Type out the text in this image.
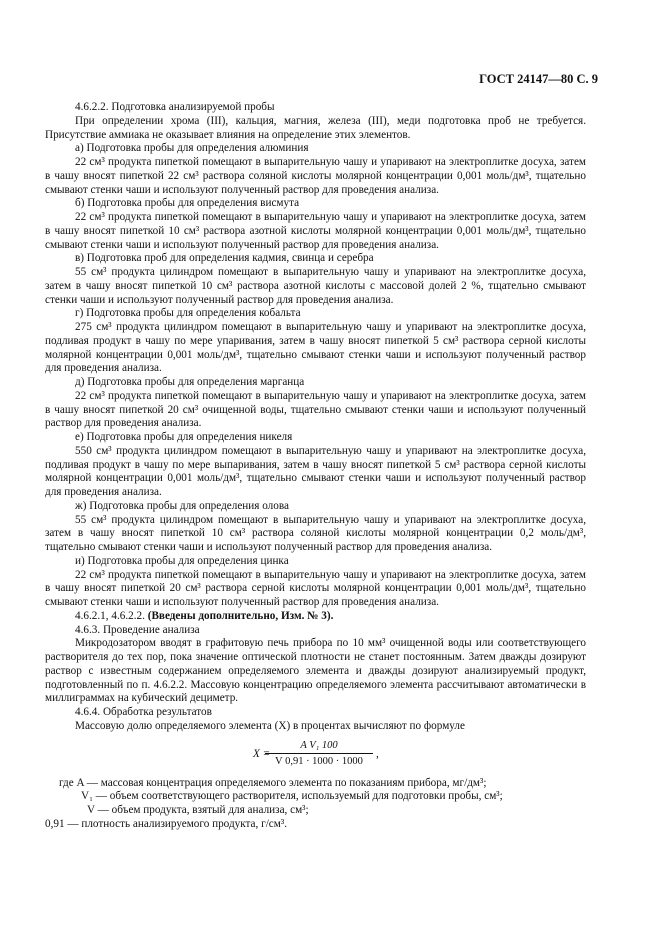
ГОСТ 24147—80 С. 9

4.6.2.2. Подготовка анализируемой пробы

При определении хрома (III), кальция, магния, железа (III), меди подготовка проб не требуется. Присутствие аммиака не оказывает влияния на определение этих элементов.

а) Подготовка пробы для определения алюминия

22 см³ продукта пипеткой помещают в выпарительную чашу и упаривают на электроплитке досуха, затем в чашу вносят пипеткой 22 см³ раствора соляной кислоты молярной концентрации 0,001 моль/дм³, тщательно смывают стенки чаши и используют полученный раствор для проведения анализа.

б) Подготовка пробы для определения висмута

22 см³ продукта пипеткой помещают в выпарительную чашу и упаривают на электроплитке досуха, затем в чашу вносят пипеткой 10 см³ раствора азотной кислоты молярной концентрации 0,001 моль/дм³, тщательно смывают стенки чаши и используют полученный раствор для проведения анализа.

в) Подготовка проб для определения кадмия, свинца и серебра

55 см³ продукта цилиндром помещают в выпарительную чашу и упаривают на электроплитке досуха, затем в чашу вносят пипеткой 10 см³ раствора азотной кислоты с массовой долей 2 %, тщательно смывают стенки чаши и используют полученный раствор для проведения анализа.

г) Подготовка пробы для определения кобальта

275 см³ продукта цилиндром помещают в выпарительную чашу и упаривают на электроплитке досуха, подливая продукт в чашу по мере упаривания, затем в чашу вносят пипеткой 5 см³ раствора серной кислоты молярной концентрации 0,001 моль/дм³, тщательно смывают стенки чаши и используют полученный раствор для проведения анализа.

д) Подготовка пробы для определения марганца

22 см³ продукта пипеткой помещают в выпарительную чашу и упаривают на электроплитке досуха, затем в чашу вносят пипеткой 20 см³ очищенной воды, тщательно смывают стенки чаши и используют полученный раствор для проведения анализа.

е) Подготовка пробы для определения никеля

550 см³ продукта цилиндром помещают в выпарительную чашу и упаривают на электроплитке досуха, подливая продукт в чашу по мере выпаривания, затем в чашу вносят пипеткой 5 см³ раствора серной кислоты молярной концентрации 0,001 моль/дм³, тщательно смывают стенки чаши и используют полученный раствор для проведения анализа.

ж) Подготовка пробы для определения олова

55 см³ продукта цилиндром помещают в выпарительную чашу и упаривают на электроплитке досуха, затем в чашу вносят пипеткой 10 см³ раствора соляной кислоты молярной концентрации 0,2 моль/дм³, тщательно смывают стенки чаши и используют полученный раствор для проведения анализа.

и) Подготовка пробы для определения цинка

22 см³ продукта пипеткой помещают в выпарительную чашу и упаривают на электроплитке досуха, затем в чашу вносят пипеткой 20 см³ раствора серной кислоты молярной концентрации 0,001 моль/дм³, тщательно смывают стенки чаши и используют полученный раствор для проведения анализа.

4.6.2.1, 4.6.2.2. (Введены дополнительно, Изм. № 3).

4.6.3. Проведение анализа

Микродозатором вводят в графитовую печь прибора по 10 мм³ очищенной воды или соответствующего растворителя до тех пор, пока значение оптической плотности не станет постоянным. Затем дважды дозируют раствор с известным содержанием определяемого элемента и дважды дозируют анализируемый продукт, подготовленный по п. 4.6.2.2. Массовую концентрацию определяемого элемента рассчитывают автоматически в миллиграммах на кубический дециметр.

4.6.4. Обработка результатов

Массовую долю определяемого элемента (X) в процентах вычисляют по формуле

X =
$\frac{\text{A V₁ 100}}{V 0,91 \cdot 1000 \cdot 1000}$ ,

где A — массовая концентрация определяемого элемента по показаниям прибора, мг/дм³;

V₁ — объем соответствующего растворителя, используемый для подготовки пробы, см³;

V — объем продукта, взятый для анализа, см³;

0,91 — плотность анализируемого продукта, г/см³.
